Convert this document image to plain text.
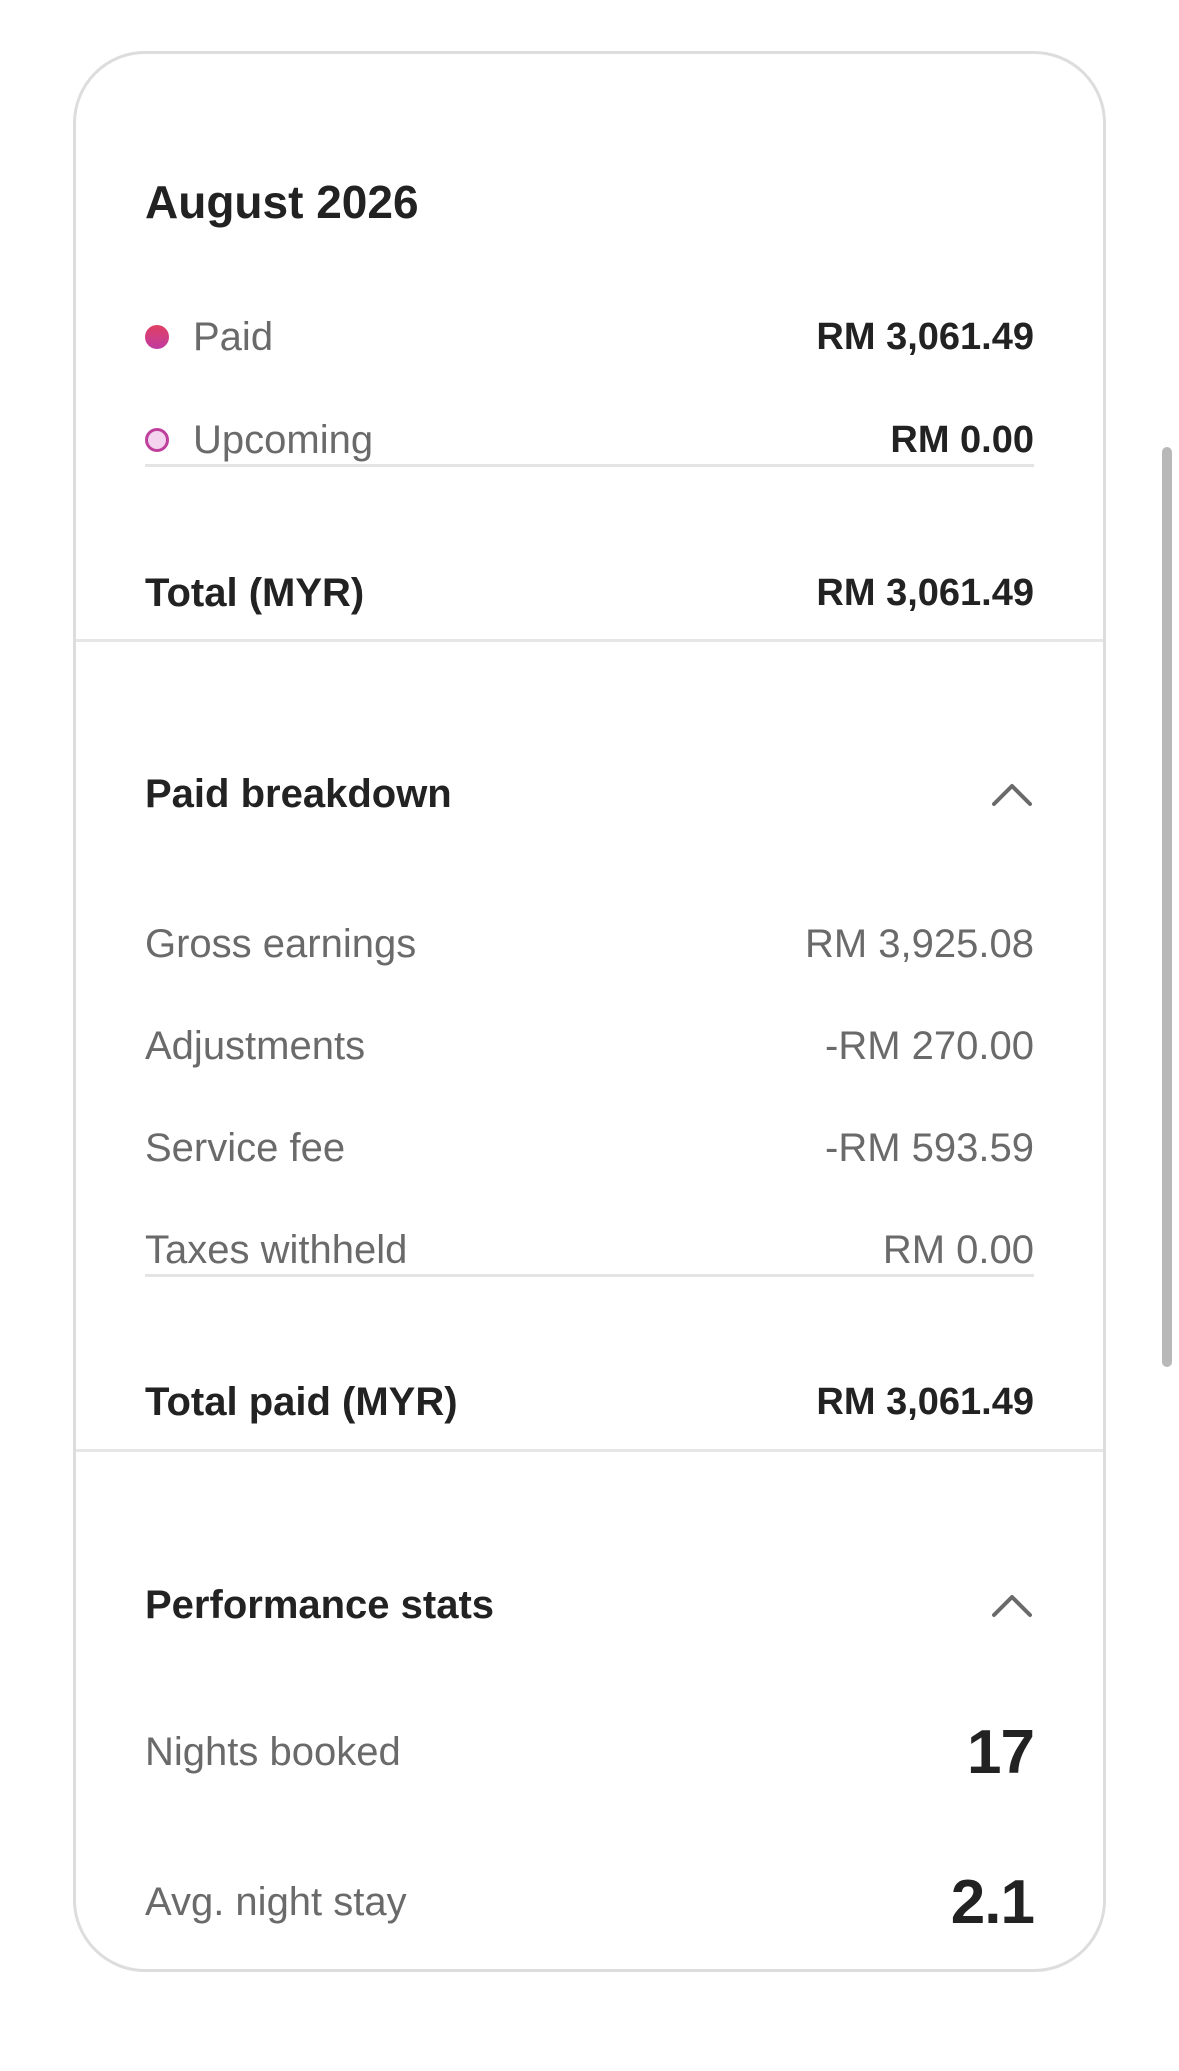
August 2026
Paid	RM 3,061.49
Upcoming	RM 0.00
Total (MYR)	RM 3,061.49
Paid breakdown
Gross earnings	RM 3,925.08
Adjustments	-RM 270.00
Service fee	-RM 593.59
Taxes withheld	RM 0.00
Total paid (MYR)	RM 3,061.49
Performance stats
Nights booked	17
Avg. night stay	2.1
